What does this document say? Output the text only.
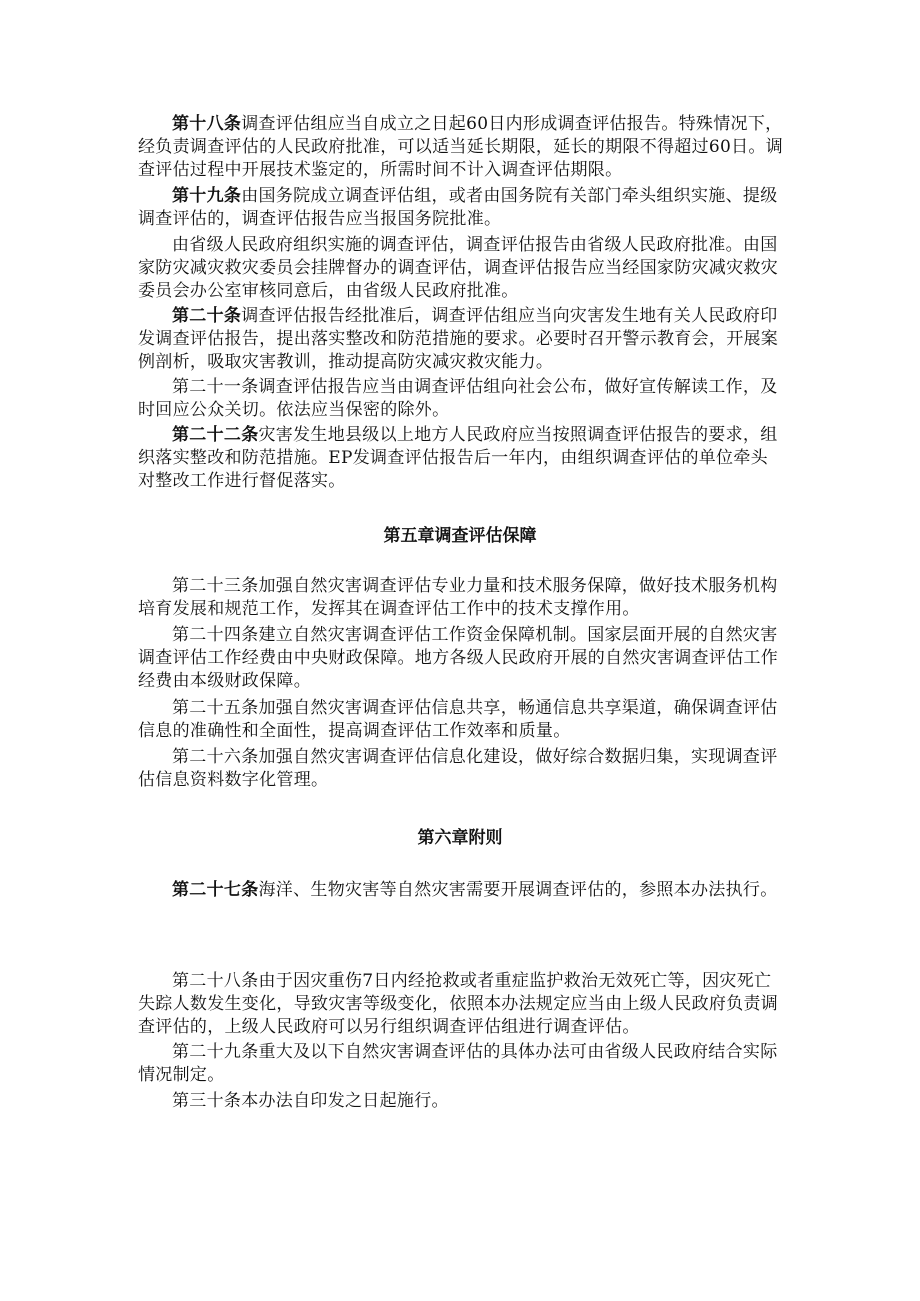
第十八条调查评估组应当自成立之日起60日内形成调查评估报告。特殊情况下，经负责调查评估的人民政府批准，可以适当延长期限，延长的期限不得超过60日。调查评估过程中开展技术鉴定的，所需时间不计入调查评估期限。

第十九条由国务院成立调查评估组，或者由国务院有关部门牵头组织实施、提级调查评估的，调查评估报告应当报国务院批准。

由省级人民政府组织实施的调查评估，调查评估报告由省级人民政府批准。由国家防灾减灾救灾委员会挂牌督办的调查评估，调查评估报告应当经国家防灾减灾救灾委员会办公室审核同意后，由省级人民政府批准。

第二十条调查评估报告经批准后，调查评估组应当向灾害发生地有关人民政府印发调查评估报告，提出落实整改和防范措施的要求。必要时召开警示教育会，开展案例剖析，吸取灾害教训，推动提高防灾减灾救灾能力。

第二十一条调查评估报告应当由调查评估组向社会公布，做好宣传解读工作，及时回应公众关切。依法应当保密的除外。

第二十二条灾害发生地县级以上地方人民政府应当按照调查评估报告的要求，组织落实整改和防范措施。EP发调查评估报告后一年内，由组织调查评估的单位牵头对整改工作进行督促落实。

第五章调查评估保障

第二十三条加强自然灾害调查评估专业力量和技术服务保障，做好技术服务机构培育发展和规范工作，发挥其在调查评估工作中的技术支撑作用。

第二十四条建立自然灾害调查评估工作资金保障机制。国家层面开展的自然灾害调查评估工作经费由中央财政保障。地方各级人民政府开展的自然灾害调查评估工作经费由本级财政保障。

第二十五条加强自然灾害调查评估信息共享，畅通信息共享渠道，确保调查评估信息的准确性和全面性，提高调查评估工作效率和质量。

第二十六条加强自然灾害调查评估信息化建设，做好综合数据归集，实现调查评估信息资料数字化管理。

第六章附则

第二十七条海洋、生物灾害等自然灾害需要开展调查评估的，参照本办法执行。

第二十八条由于因灾重伤7日内经抢救或者重症监护救治无效死亡等，因灾死亡失踪人数发生变化，导致灾害等级变化，依照本办法规定应当由上级人民政府负责调查评估的，上级人民政府可以另行组织调查评估组进行调查评估。

第二十九条重大及以下自然灾害调查评估的具体办法可由省级人民政府结合实际情况制定。

第三十条本办法自印发之日起施行。
